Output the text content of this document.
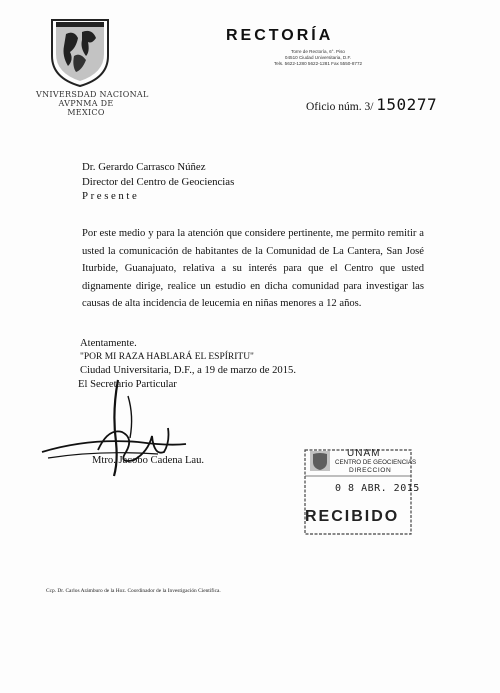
VNIVERSDAD NACIONAL
AVPNMA DE
MEXICO
RECTORÍA
Torre de Rectoría, 6°. Piso
04510 Ciudad Universitaria, D.F.
Tels. 5622-1280 5622-1281 Fax 5550-8772
Oficio núm. 3/ 150277
Dr. Gerardo Carrasco Núñez
Director del Centro de Geociencias
Presente
Por este medio y para la atención que considere pertinente, me permito remitir a usted la comunicación de habitantes de la Comunidad de La Cantera, San José Iturbide, Guanajuato, relativa a su interés para que el Centro que usted dignamente dirige, realice un estudio en dicha comunidad para investigar las causas de alta incidencia de leucemia en niñas menores a 12 años.
Atentamente.
"POR MI RAZA HABLARÁ EL ESPÍRITU"
Ciudad Universitaria, D.F., a 19 de marzo de 2015.
El Secretario Particular
Mtro. Jacobo Cadena Lau.
UNAM
CENTRO DE GEOCIENCIAS
DIRECCION
0 8 ABR. 2015
RECIBIDO
Ccp. Dr. Carlos Arámburo de la Hoz. Coordinador de la Investigación Científica.
